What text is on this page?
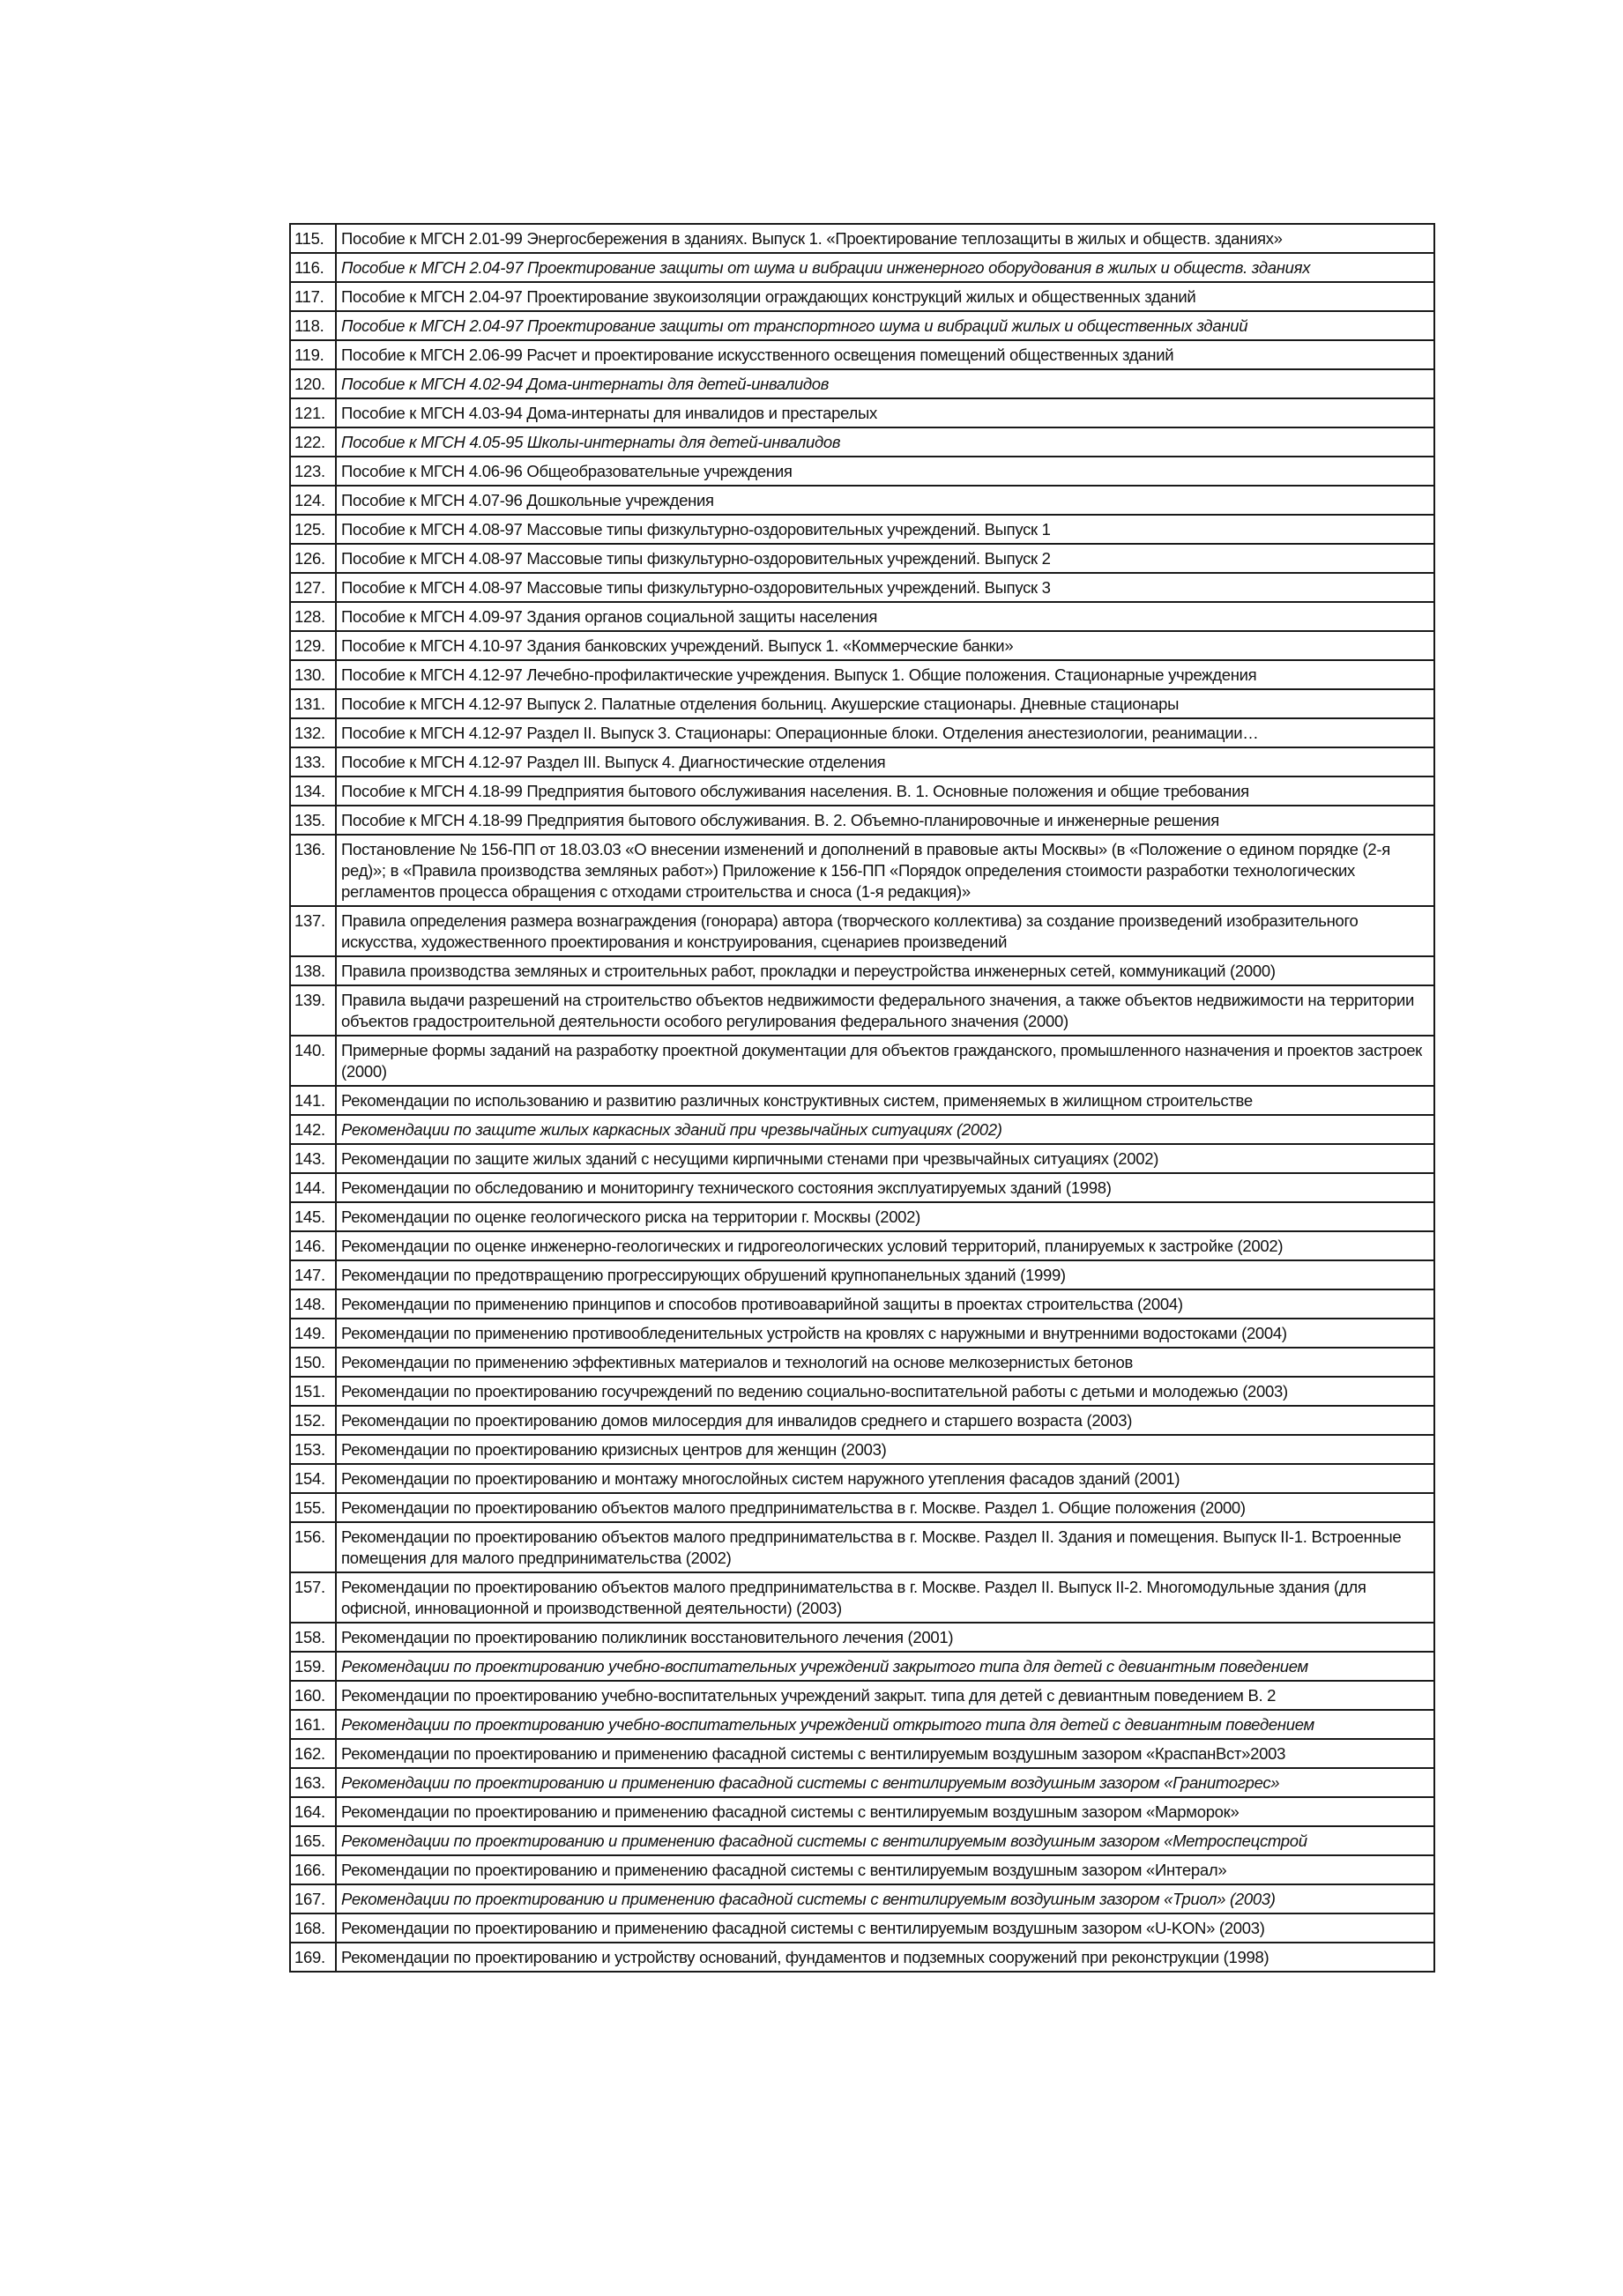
115.	Пособие к МГСН 2.01-99 Энергосбережения в зданиях. Выпуск 1. «Проектирование теплозащиты в жилых и обществ. зданиях»
116.	Пособие к МГСН 2.04-97 Проектирование защиты от шума и вибрации инженерного оборудования в жилых и обществ. зданиях
117.	Пособие к МГСН 2.04-97 Проектирование звукоизоляции ограждающих конструкций жилых и общественных зданий
118.	Пособие к МГСН 2.04-97 Проектирование защиты от транспортного шума и вибраций жилых и общественных зданий
119.	Пособие к МГСН 2.06-99 Расчет и проектирование искусственного освещения помещений общественных зданий
120.	Пособие к МГСН 4.02-94 Дома-интернаты для детей-инвалидов
121.	Пособие к МГСН 4.03-94 Дома-интернаты для инвалидов и престарелых
122.	Пособие к МГСН 4.05-95 Школы-интернаты для детей-инвалидов
123.	Пособие к МГСН 4.06-96 Общеобразовательные учреждения
124.	Пособие к МГСН 4.07-96 Дошкольные учреждения
125.	Пособие к МГСН 4.08-97 Массовые типы физкультурно-оздоровительных учреждений. Выпуск 1
126.	Пособие к МГСН 4.08-97 Массовые типы физкультурно-оздоровительных учреждений. Выпуск 2
127.	Пособие к МГСН 4.08-97 Массовые типы физкультурно-оздоровительных учреждений. Выпуск 3
128.	Пособие к МГСН 4.09-97 Здания органов социальной защиты населения
129.	Пособие к МГСН 4.10-97 Здания банковских учреждений. Выпуск 1. «Коммерческие банки»
130.	Пособие к МГСН 4.12-97 Лечебно-профилактические учреждения. Выпуск 1. Общие положения. Стационарные учреждения
131.	Пособие к МГСН 4.12-97 Выпуск 2. Палатные отделения больниц. Акушерские стационары. Дневные стационары
132.	Пособие к МГСН 4.12-97 Раздел II. Выпуск 3. Стационары: Операционные блоки. Отделения анестезиологии, реанимации…
133.	Пособие к МГСН 4.12-97 Раздел III. Выпуск 4. Диагностические отделения
134.	Пособие к МГСН 4.18-99 Предприятия бытового обслуживания населения. В. 1. Основные положения и общие требования
135.	Пособие к МГСН 4.18-99 Предприятия бытового обслуживания. В. 2. Объемно-планировочные и инженерные решения
136.	Постановление № 156-ПП от 18.03.03 «О внесении изменений и дополнений в правовые акты Москвы» (в «Положение о едином порядке (2-я ред)»; в «Правила производства земляных работ») Приложение к 156-ПП «Порядок определения стоимости разработки технологических регламентов процесса обращения с отходами строительства и сноса (1-я редакция)»
137.	Правила определения размера вознаграждения (гонорара) автора (творческого коллектива) за создание произведений изобразительного искусства, художественного проектирования и конструирования, сценариев произведений
138.	Правила производства земляных и строительных работ, прокладки и переустройства инженерных сетей, коммуникаций (2000)
139.	Правила выдачи разрешений на строительство объектов недвижимости федерального значения, а также объектов недвижимости на территории объектов градостроительной деятельности особого регулирования федерального значения (2000)
140.	Примерные формы заданий на разработку проектной документации для объектов гражданского, промышленного назначения и проектов застроек (2000)
141.	Рекомендации по использованию и развитию различных конструктивных систем, применяемых в жилищном строительстве
142.	Рекомендации по защите жилых каркасных зданий при чрезвычайных ситуациях (2002)
143.	Рекомендации по защите жилых зданий с несущими кирпичными стенами при чрезвычайных ситуациях (2002)
144.	Рекомендации по обследованию и мониторингу технического состояния эксплуатируемых зданий (1998)
145.	Рекомендации по оценке геологического риска на территории г. Москвы (2002)
146.	Рекомендации по оценке инженерно-геологических и гидрогеологических условий территорий, планируемых к застройке (2002)
147.	Рекомендации по предотвращению прогрессирующих обрушений крупнопанельных зданий (1999)
148.	Рекомендации по применению принципов и способов противоаварийной защиты в проектах строительства (2004)
149.	Рекомендации по применению противообледенительных устройств на кровлях с наружными и внутренними водостоками (2004)
150.	Рекомендации по применению эффективных материалов и технологий на основе мелкозернистых бетонов
151.	Рекомендации по проектированию госучреждений по ведению социально-воспитательной работы с детьми и молодежью (2003)
152.	Рекомендации по проектированию домов милосердия для инвалидов среднего и старшего возраста (2003)
153.	Рекомендации по проектированию кризисных центров для женщин (2003)
154.	Рекомендации по проектированию и монтажу многослойных систем наружного утепления фасадов зданий (2001)
155.	Рекомендации по проектированию объектов малого предпринимательства в г. Москве. Раздел 1. Общие положения (2000)
156.	Рекомендации по проектированию объектов малого предпринимательства в г. Москве. Раздел II. Здания и помещения. Выпуск II-1. Встроенные помещения для малого предпринимательства (2002)
157.	Рекомендации по проектированию объектов малого предпринимательства в г. Москве. Раздел II. Выпуск II-2. Многомодульные здания (для офисной, инновационной и производственной деятельности) (2003)
158.	Рекомендации по проектированию поликлиник восстановительного лечения (2001)
159.	Рекомендации по проектированию учебно-воспитательных учреждений закрытого типа для детей с девиантным поведением
160.	Рекомендации по проектированию учебно-воспитательных учреждений закрыт. типа для детей с девиантным поведением В. 2
161.	Рекомендации по проектированию учебно-воспитательных учреждений открытого типа для детей с девиантным поведением
162.	Рекомендации по проектированию и применению фасадной системы с вентилируемым воздушным зазором «КраспанВст»2003
163.	Рекомендации по проектированию и применению фасадной системы с вентилируемым воздушным зазором «Гранитогрес»
164.	Рекомендации по проектированию и применению фасадной системы с вентилируемым воздушным зазором «Марморок»
165.	Рекомендации по проектированию и применению фасадной системы с вентилируемым воздушным зазором «Метроспецстрой
166.	Рекомендации по проектированию и применению фасадной системы с вентилируемым воздушным зазором «Интерал»
167.	Рекомендации по проектированию и применению фасадной системы с вентилируемым воздушным зазором «Триол» (2003)
168.	Рекомендации по проектированию и применению фасадной системы с вентилируемым воздушным зазором «U-KON» (2003)
169.	Рекомендации по проектированию и устройству оснований, фундаментов и подземных сооружений при реконструкции (1998)
